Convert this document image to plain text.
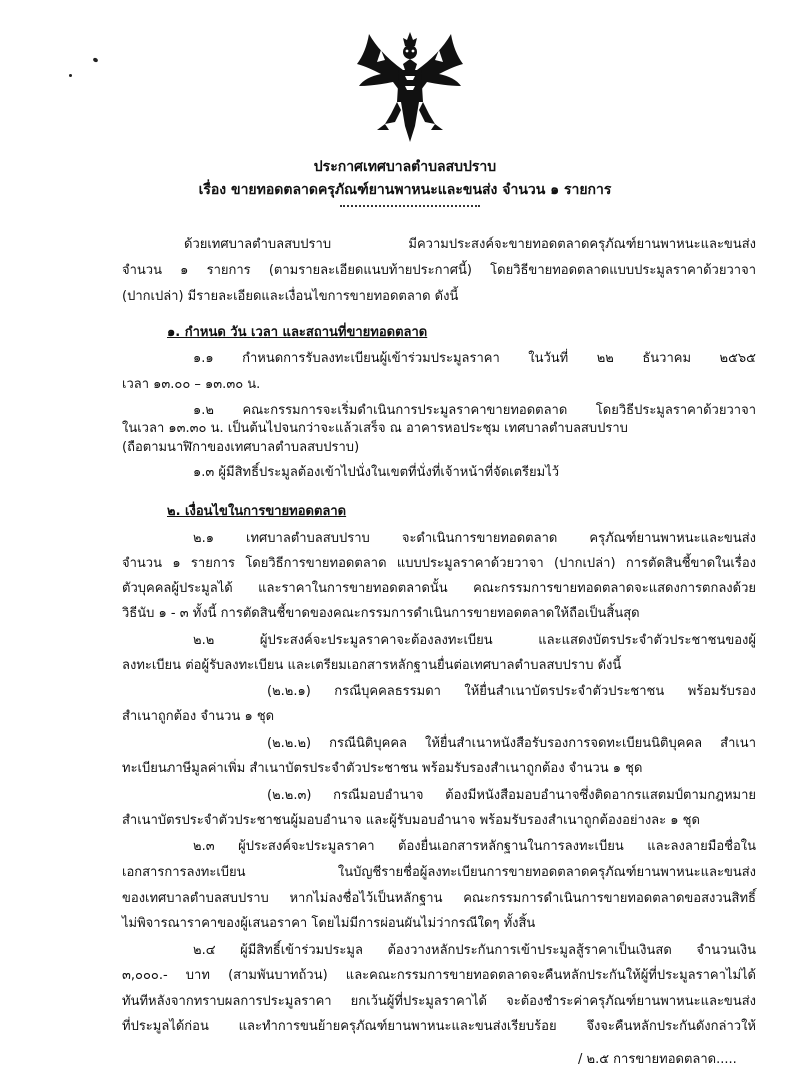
ประกาศเทศบาลตำบลสบปราบ
เรื่อง ขายทอดตลาดครุภัณฑ์ยานพาหนะและขนส่ง จำนวน ๑ รายการ
ด้วยเทศบาลตำบลสบปราบ มีความประสงค์จะขายทอดตลาดครุภัณฑ์ยานพาหนะและขนส่ง
จำนวน ๑ รายการ (ตามรายละเอียดแนบท้ายประกาศนี้) โดยวิธีขายทอดตลาดแบบประมูลราคาด้วยวาจา
(ปากเปล่า) มีรายละเอียดและเงื่อนไขการขายทอดตลาด ดังนี้
๑. กำหนด วัน เวลา และสถานที่ขายทอดตลาด
๑.๑ กำหนดการรับลงทะเบียนผู้เข้าร่วมประมูลราคา ในวันที่ ๒๒ ธันวาคม ๒๕๖๕
เวลา ๑๓.๐๐ – ๑๓.๓๐ น.
๑.๒ คณะกรรมการจะเริ่มดำเนินการประมูลราคาขายทอดตลาด โดยวิธีประมูลราคาด้วยวาจา
ในเวลา ๑๓.๓๐ น. เป็นต้นไปจนกว่าจะแล้วเสร็จ ณ อาคารหอประชุม เทศบาลตำบลสบปราบ
(ถือตามนาฬิกาของเทศบาลตำบลสบปราบ)
๑.๓ ผู้มีสิทธิ์ประมูลต้องเข้าไปนั่งในเขตที่นั่งที่เจ้าหน้าที่จัดเตรียมไว้
๒. เงื่อนไขในการขายทอดตลาด
๒.๑ เทศบาลตำบลสบปราบ จะดำเนินการขายทอดตลาด ครุภัณฑ์ยานพาหนะและขนส่ง
จำนวน ๑ รายการ โดยวิธีการขายทอดตลาด แบบประมูลราคาด้วยวาจา (ปากเปล่า) การตัดสินชี้ขาดในเรื่อง
ตัวบุคคลผู้ประมูลได้ และราคาในการขายทอดตลาดนั้น คณะกรรมการขายทอดตลาดจะแสดงการตกลงด้วย
วิธีนับ ๑ - ๓ ทั้งนี้ การตัดสินชี้ขาดของคณะกรรมการดำเนินการขายทอดตลาดให้ถือเป็นสิ้นสุด
๒.๒ ผู้ประสงค์จะประมูลราคาจะต้องลงทะเบียน และแสดงบัตรประจำตัวประชาชนของผู้
ลงทะเบียน ต่อผู้รับลงทะเบียน และเตรียมเอกสารหลักฐานยื่นต่อเทศบาลตำบลสบปราบ ดังนี้
(๒.๒.๑) กรณีบุคคลธรรมดา ให้ยื่นสำเนาบัตรประจำตัวประชาชน พร้อมรับรอง
สำเนาถูกต้อง จำนวน ๑ ชุด
(๒.๒.๒) กรณีนิติบุคคล ให้ยื่นสำเนาหนังสือรับรองการจดทะเบียนนิติบุคคล สำเนา
ทะเบียนภาษีมูลค่าเพิ่ม สำเนาบัตรประจำตัวประชาชน พร้อมรับรองสำเนาถูกต้อง จำนวน ๑ ชุด
(๒.๒.๓) กรณีมอบอำนาจ ต้องมีหนังสือมอบอำนาจซึ่งติดอากรแสตมป์ตามกฎหมาย
สำเนาบัตรประจำตัวประชาชนผู้มอบอำนาจ และผู้รับมอบอำนาจ พร้อมรับรองสำเนาถูกต้องอย่างละ ๑ ชุด
๒.๓ ผู้ประสงค์จะประมูลราคา ต้องยื่นเอกสารหลักฐานในการลงทะเบียน และลงลายมือชื่อใน
เอกสารการลงทะเบียน ในบัญชีรายชื่อผู้ลงทะเบียนการขายทอดตลาดครุภัณฑ์ยานพาหนะและขนส่ง
ของเทศบาลตำบลสบปราบ หากไม่ลงชื่อไว้เป็นหลักฐาน คณะกรรมการดำเนินการขายทอดตลาดขอสงวนสิทธิ์
ไม่พิจารณาราคาของผู้เสนอราคา โดยไม่มีการผ่อนผันไม่ว่ากรณีใดๆ ทั้งสิ้น
๒.๔ ผู้มีสิทธิ์เข้าร่วมประมูล ต้องวางหลักประกันการเข้าประมูลสู้ราคาเป็นเงินสด จำนวนเงิน
๓,๐๐๐.- บาท (สามพันบาทถ้วน) และคณะกรรมการขายทอดตลาดจะคืนหลักประกันให้ผู้ที่ประมูลราคาไม่ได้
ทันทีหลังจากทราบผลการประมูลราคา ยกเว้นผู้ที่ประมูลราคาได้ จะต้องชำระค่าครุภัณฑ์ยานพาหนะและขนส่ง
ที่ประมูลได้ก่อน และทำการขนย้ายครุภัณฑ์ยานพาหนะและขนส่งเรียบร้อย จึงจะคืนหลักประกันดังกล่าวให้
/ ๒.๕ การขายทอดตลาด.....
